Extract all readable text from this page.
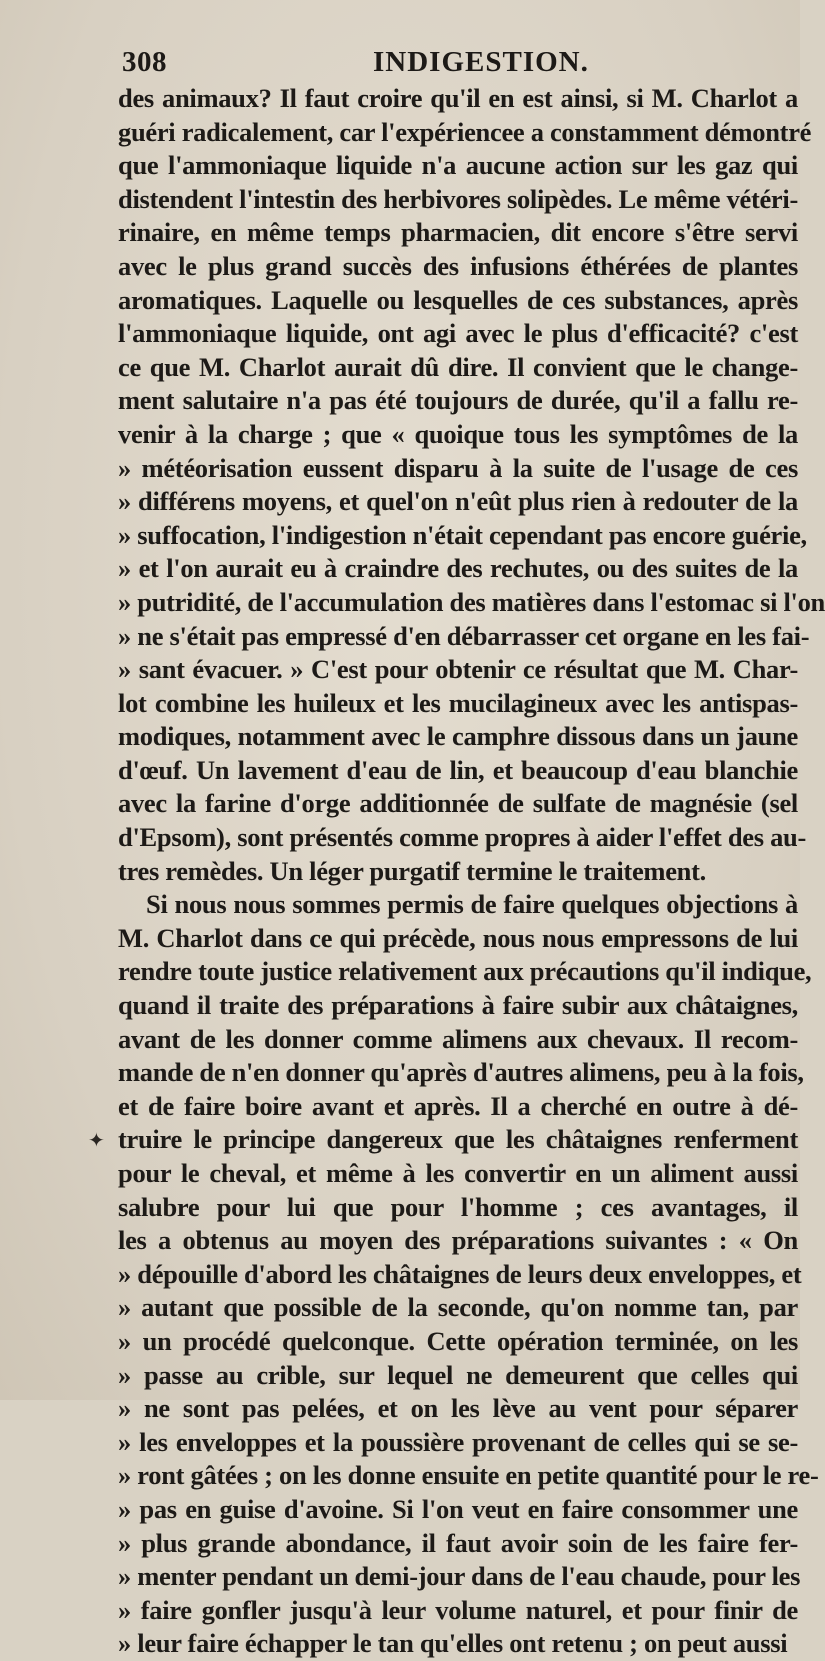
308	INDIGESTION.
des animaux? Il faut croire qu'il en est ainsi, si M. Charlot a
guéri radicalement, car l'expériencee a constamment démontré
que l'ammoniaque liquide n'a aucune action sur les gaz qui
distendent l'intestin des herbivores solipèdes. Le même vétéri-
rinaire, en même temps pharmacien, dit encore s'être servi
avec le plus grand succès des infusions éthérées de plantes
aromatiques. Laquelle ou lesquelles de ces substances, après
l'ammoniaque liquide, ont agi avec le plus d'efficacité? c'est
ce que M. Charlot aurait dû dire. Il convient que le change-
ment salutaire n'a pas été toujours de durée, qu'il a fallu re-
venir à la charge ; que « quoique tous les symptômes de la
» météorisation eussent disparu à la suite de l'usage de ces
» différens moyens, et quel'on n'eût plus rien à redouter de la
» suffocation, l'indigestion n'était cependant pas encore guérie,
» et l'on aurait eu à craindre des rechutes, ou des suites de la
» putridité, de l'accumulation des matières dans l'estomac si l'on
» ne s'était pas empressé d'en débarrasser cet organe en les fai-
» sant évacuer. » C'est pour obtenir ce résultat que M. Char-
lot combine les huileux et les mucilagineux avec les antispas-
modiques, notamment avec le camphre dissous dans un jaune
d'œuf. Un lavement d'eau de lin, et beaucoup d'eau blanchie
avec la farine d'orge additionnée de sulfate de magnésie (sel
d'Epsom), sont présentés comme propres à aider l'effet des au-
tres remèdes. Un léger purgatif termine le traitement.
Si nous nous sommes permis de faire quelques objections à
M. Charlot dans ce qui précède, nous nous empressons de lui
rendre toute justice relativement aux précautions qu'il indique,
quand il traite des préparations à faire subir aux châtaignes,
avant de les donner comme alimens aux chevaux. Il recom-
mande de n'en donner qu'après d'autres alimens, peu à la fois,
et de faire boire avant et après. Il a cherché en outre à dé-
truire le principe dangereux que les châtaignes renferment
pour le cheval, et même à les convertir en un aliment aussi
salubre pour lui que pour l'homme ; ces avantages, il
les a obtenus au moyen des préparations suivantes : « On
» dépouille d'abord les châtaignes de leurs deux enveloppes, et
» autant que possible de la seconde, qu'on nomme tan, par
» un procédé quelconque. Cette opération terminée, on les
» passe au crible, sur lequel ne demeurent que celles qui
» ne sont pas pelées, et on les lève au vent pour séparer
» les enveloppes et la poussière provenant de celles qui se se-
» ront gâtées ; on les donne ensuite en petite quantité pour le re-
» pas en guise d'avoine. Si l'on veut en faire consommer une
» plus grande abondance, il faut avoir soin de les faire fer-
» menter pendant un demi-jour dans de l'eau chaude, pour les
» faire gonfler jusqu'à leur volume naturel, et pour finir de
» leur faire échapper le tan qu'elles ont retenu ; on peut aussi
✦
